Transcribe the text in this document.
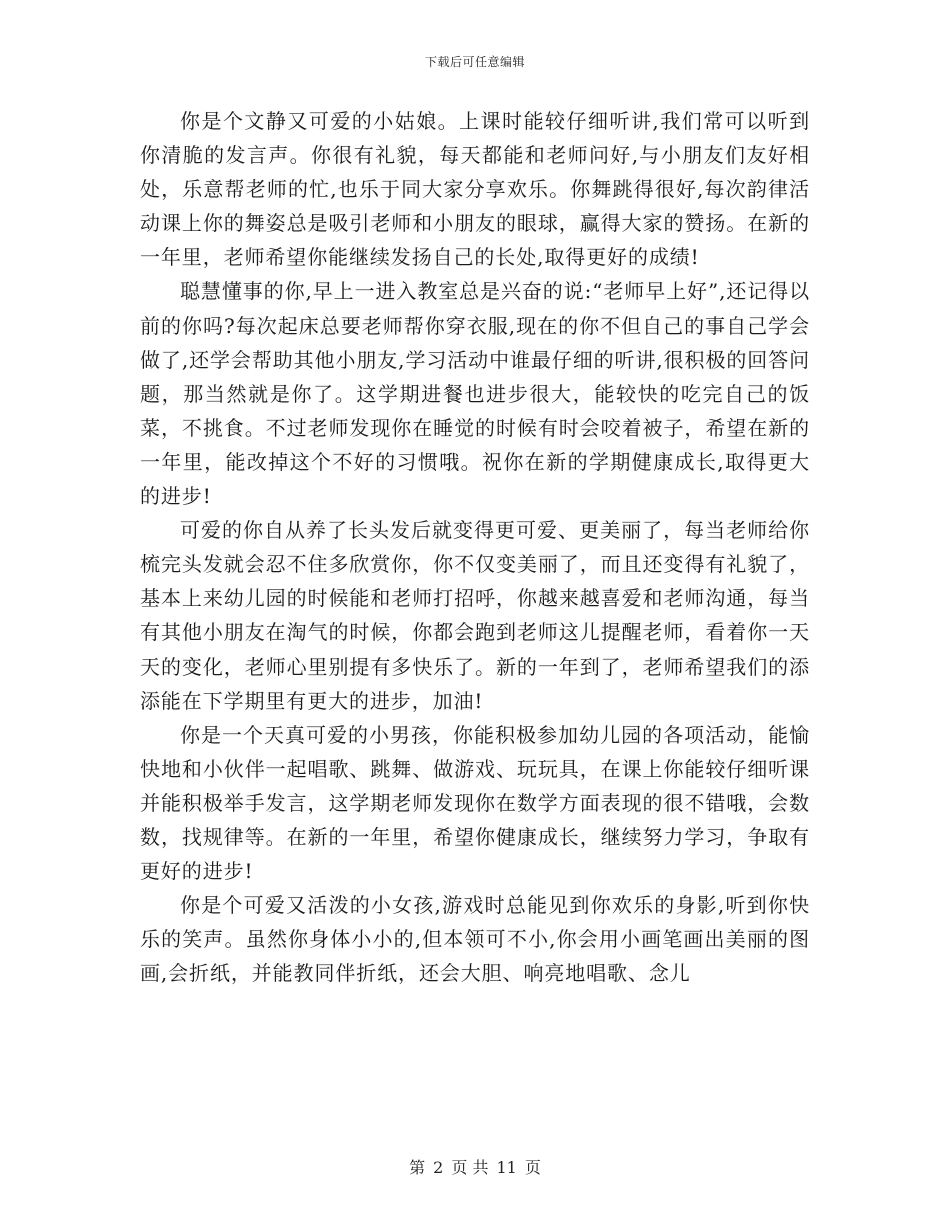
下载后可任意编辑

你是个文静又可爱的小姑娘。上课时能较仔细听讲,我们常可以听到你清脆的发言声。你很有礼貌，每天都能和老师问好,与小朋友们友好相处，乐意帮老师的忙,也乐于同大家分享欢乐。你舞跳得很好,每次韵律活动课上你的舞姿总是吸引老师和小朋友的眼球，赢得大家的赞扬。在新的一年里，老师希望你能继续发扬自己的长处,取得更好的成绩!

聪慧懂事的你,早上一进入教室总是兴奋的说:“老师早上好”,还记得以前的你吗?每次起床总要老师帮你穿衣服,现在的你不但自己的事自己学会做了,还学会帮助其他小朋友,学习活动中谁最仔细的听讲,很积极的回答问题，那当然就是你了。这学期进餐也进步很大，能较快的吃完自己的饭菜，不挑食。不过老师发现你在睡觉的时候有时会咬着被子，希望在新的一年里，能改掉这个不好的习惯哦。祝你在新的学期健康成长,取得更大的进步!

可爱的你自从养了长头发后就变得更可爱、更美丽了，每当老师给你梳完头发就会忍不住多欣赏你，你不仅变美丽了，而且还变得有礼貌了，基本上来幼儿园的时候能和老师打招呼，你越来越喜爱和老师沟通，每当有其他小朋友在淘气的时候，你都会跑到老师这儿提醒老师，看着你一天天的变化，老师心里别提有多快乐了。新的一年到了，老师希望我们的添添能在下学期里有更大的进步，加油!

你是一个天真可爱的小男孩，你能积极参加幼儿园的各项活动，能愉快地和小伙伴一起唱歌、跳舞、做游戏、玩玩具，在课上你能较仔细听课并能积极举手发言，这学期老师发现你在数学方面表现的很不错哦，会数数，找规律等。在新的一年里，希望你健康成长，继续努力学习，争取有更好的进步!

你是个可爱又活泼的小女孩,游戏时总能见到你欢乐的身影,听到你快乐的笑声。虽然你身体小小的,但本领可不小,你会用小画笔画出美丽的图画,会折纸，并能教同伴折纸，还会大胆、响亮地唱歌、念儿

第 2 页 共 11 页
